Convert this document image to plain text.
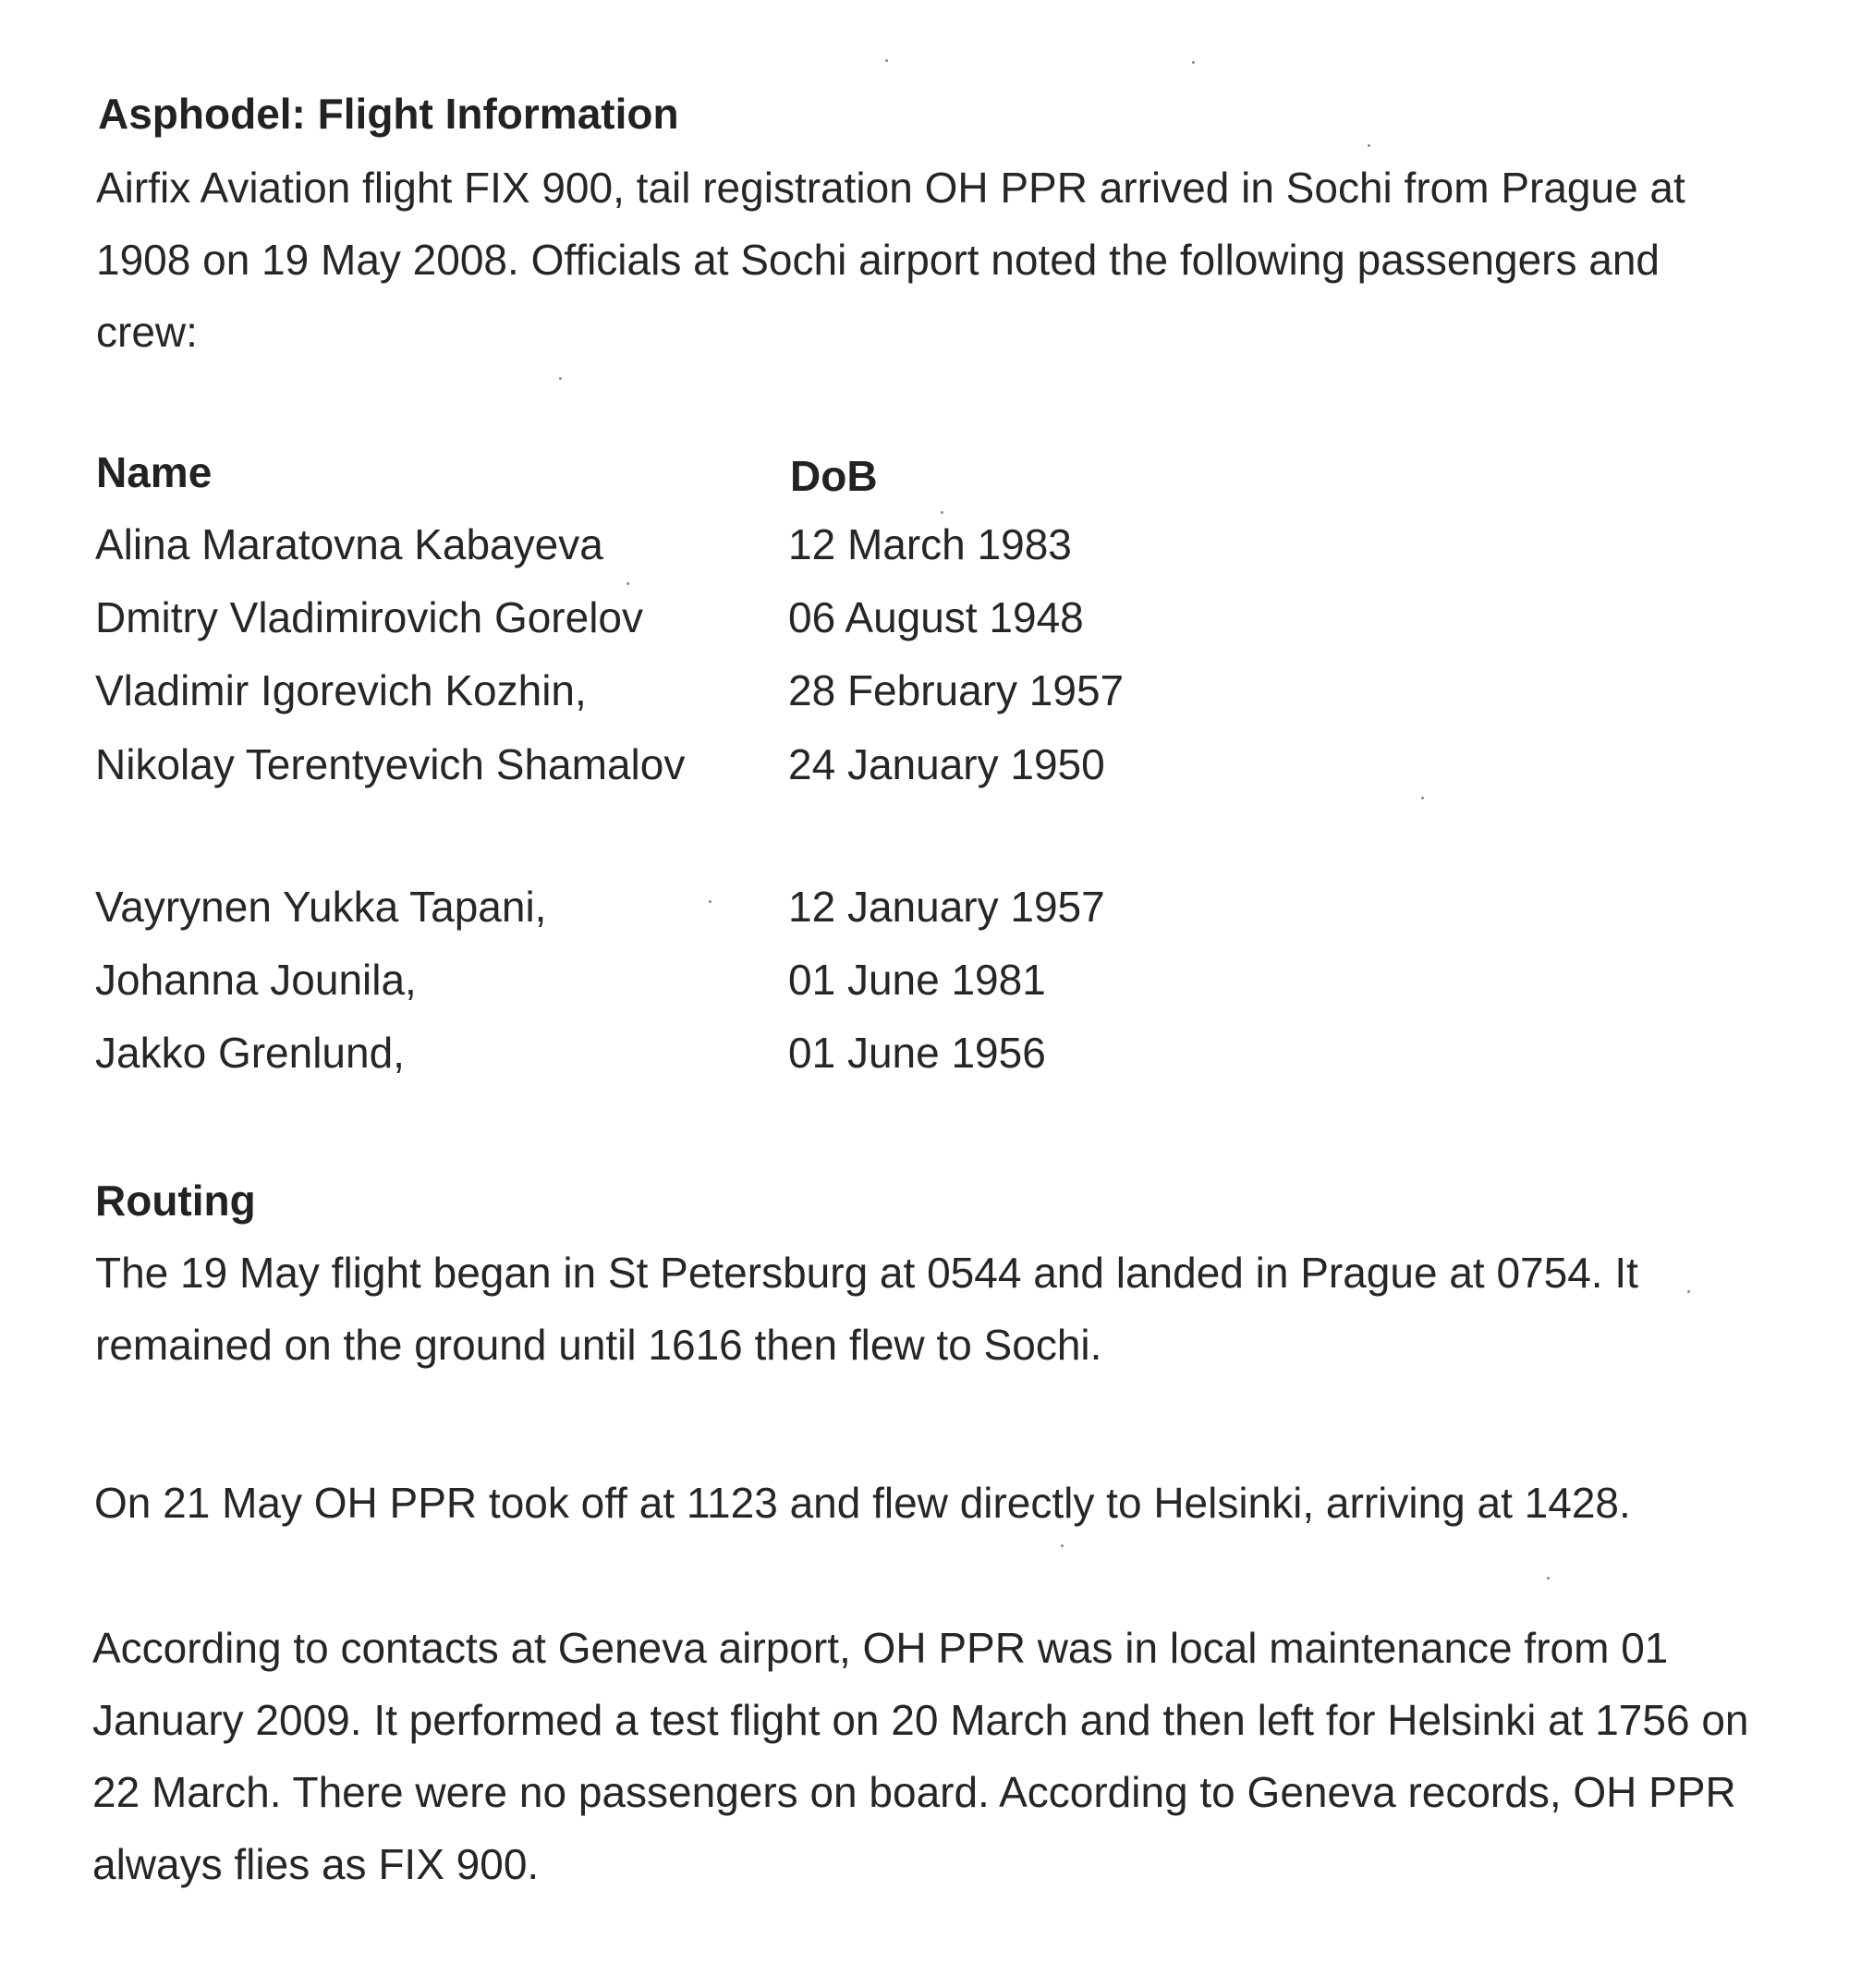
Asphodel: Flight Information
Airfix Aviation flight FIX 900, tail registration OH PPR arrived in Sochi from Prague at
1908 on 19 May 2008. Officials at Sochi airport noted the following passengers and
crew:
Name	DoB
Alina Maratovna Kabayeva	12 March 1983
Dmitry Vladimirovich Gorelov	06 August 1948
Vladimir Igorevich Kozhin,	28 February 1957
Nikolay Terentyevich Shamalov 24 January 1950
Vayrynen Yukka Tapani,	12 January 1957
Johanna Jounila,	01 June 1981
Jakko Grenlund,	01 June 1956
Routing
The 19 May flight began in St Petersburg at 0544 and landed in Prague at 0754. It
remained on the ground until 1616 then flew to Sochi.
On 21 May OH PPR took off at 1123 and flew directly to Helsinki, arriving at 1428.
According to contacts at Geneva airport, OH PPR was in local maintenance from 01
January 2009. It performed a test flight on 20 March and then left for Helsinki at 1756 on
22 March. There were no passengers on board. According to Geneva records, OH PPR
always flies as FIX 900.
